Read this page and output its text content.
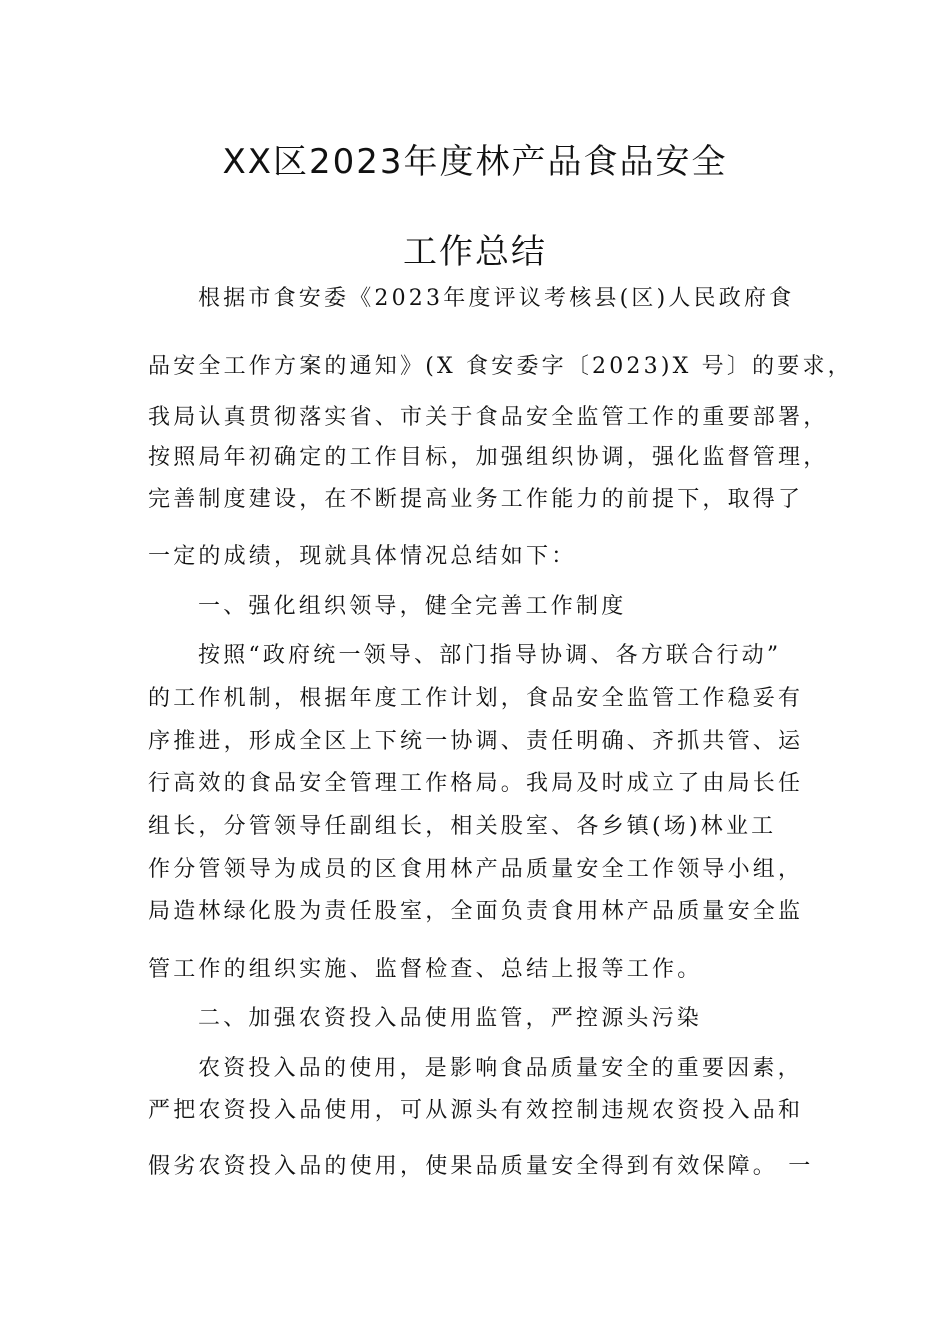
XX区2023年度林产品食品安全
工作总结
根据市食安委《2023年度评议考核县(区)人民政府食
品安全工作方案的通知》(X 食安委字〔2023)X 号〕的要求，
我局认真贯彻落实省、市关于食品安全监管工作的重要部署，
按照局年初确定的工作目标，加强组织协调，强化监督管理，
完善制度建设，在不断提高业务工作能力的前提下，取得了
一定的成绩，现就具体情况总结如下：
一、强化组织领导，健全完善工作制度
按照“政府统一领导、部门指导协调、各方联合行动”
的工作机制，根据年度工作计划，食品安全监管工作稳妥有
序推进，形成全区上下统一协调、责任明确、齐抓共管、运
行高效的食品安全管理工作格局。我局及时成立了由局长任
组长，分管领导任副组长，相关股室、各乡镇(场)林业工
作分管领导为成员的区食用林产品质量安全工作领导小组，
局造林绿化股为责任股室，全面负责食用林产品质量安全监
管工作的组织实施、监督检查、总结上报等工作。
二、加强农资投入品使用监管，严控源头污染
农资投入品的使用，是影响食品质量安全的重要因素，
严把农资投入品使用，可从源头有效控制违规农资投入品和
假劣农资投入品的使用，使果品质量安全得到有效保障。 一
